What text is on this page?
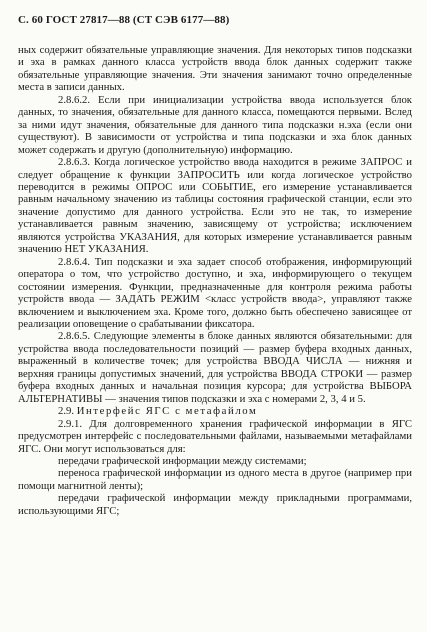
С. 60 ГОСТ 27817—88 (СТ СЭВ 6177—88)

ных содержит обязательные управляющие значения. Для некоторых типов подсказки и эха в рамках данного класса устройств ввода блок данных содержит также обязательные управляющие значения. Эти значения занимают точно определенные места в записи данных.

2.8.6.2. Если при инициализации устройства ввода используется блок данных, то значения, обязательные для данного класса, помещаются первыми. Вслед за ними идут значения, обязательные для данного типа подсказки н.эха (если они существуют). В зависимости от устройства и типа подсказки и эха блок данных может содержать и другую (дополнительную) информацию.

2.8.6.3. Когда логическое устройство ввода находится в режиме ЗАПРОС и следует обращение к функции ЗАПРОСИТЬ или когда логическое устройство переводится в режимы ОПРОС или СОБЫТИЕ, его измерение устанавливается равным начальному значению из таблицы состояния графической станции, если это значение допустимо для данного устройства. Если это не так, то измерение устанавливается равным значению, зависящему от устройства; исключением являются устройства УКАЗАНИЯ, для которых измерение устанавливается равным значению НЕТ УКАЗАНИЯ.

2.8.6.4. Тип подсказки и эха задает способ отображения, информирующий оператора о том, что устройство доступно, и эха, информирующего о текущем состоянии измерения. Функции, предназначенные для контроля режима работы устройств ввода — ЗАДАТЬ РЕЖИМ <класс устройств ввода>, управляют также включением и выключением эха. Кроме того, должно быть обеспечено зависящее от реализации оповещение о срабатывании фиксатора.

2.8.6.5. Следующие элементы в блоке данных являются обязательными: для устройства ввода последовательности позиций — размер буфера входных данных, выраженный в количестве точек; для устройства ВВОДА ЧИСЛА — нижняя и верхняя границы допустимых значений, для устройства ВВОДА СТРОКИ — размер буфера входных данных и начальная позиция курсора; для устройства ВЫБОРА АЛЬТЕРНАТИВЫ — значения типов подсказки и эха с номерами 2, 3, 4 и 5.

2.9. Интерфейс ЯГС с метафайлом

2.9.1. Для долговременного хранения графической информации в ЯГС предусмотрен интерфейс с последовательными файлами, называемыми метафайлами ЯГС. Они могут использоваться для:

передачи графической информации между системами;

переноса графической информации из одного места в другое (например при помощи магнитной ленты);

передачи графической информации между прикладными программами, использующими ЯГС;
